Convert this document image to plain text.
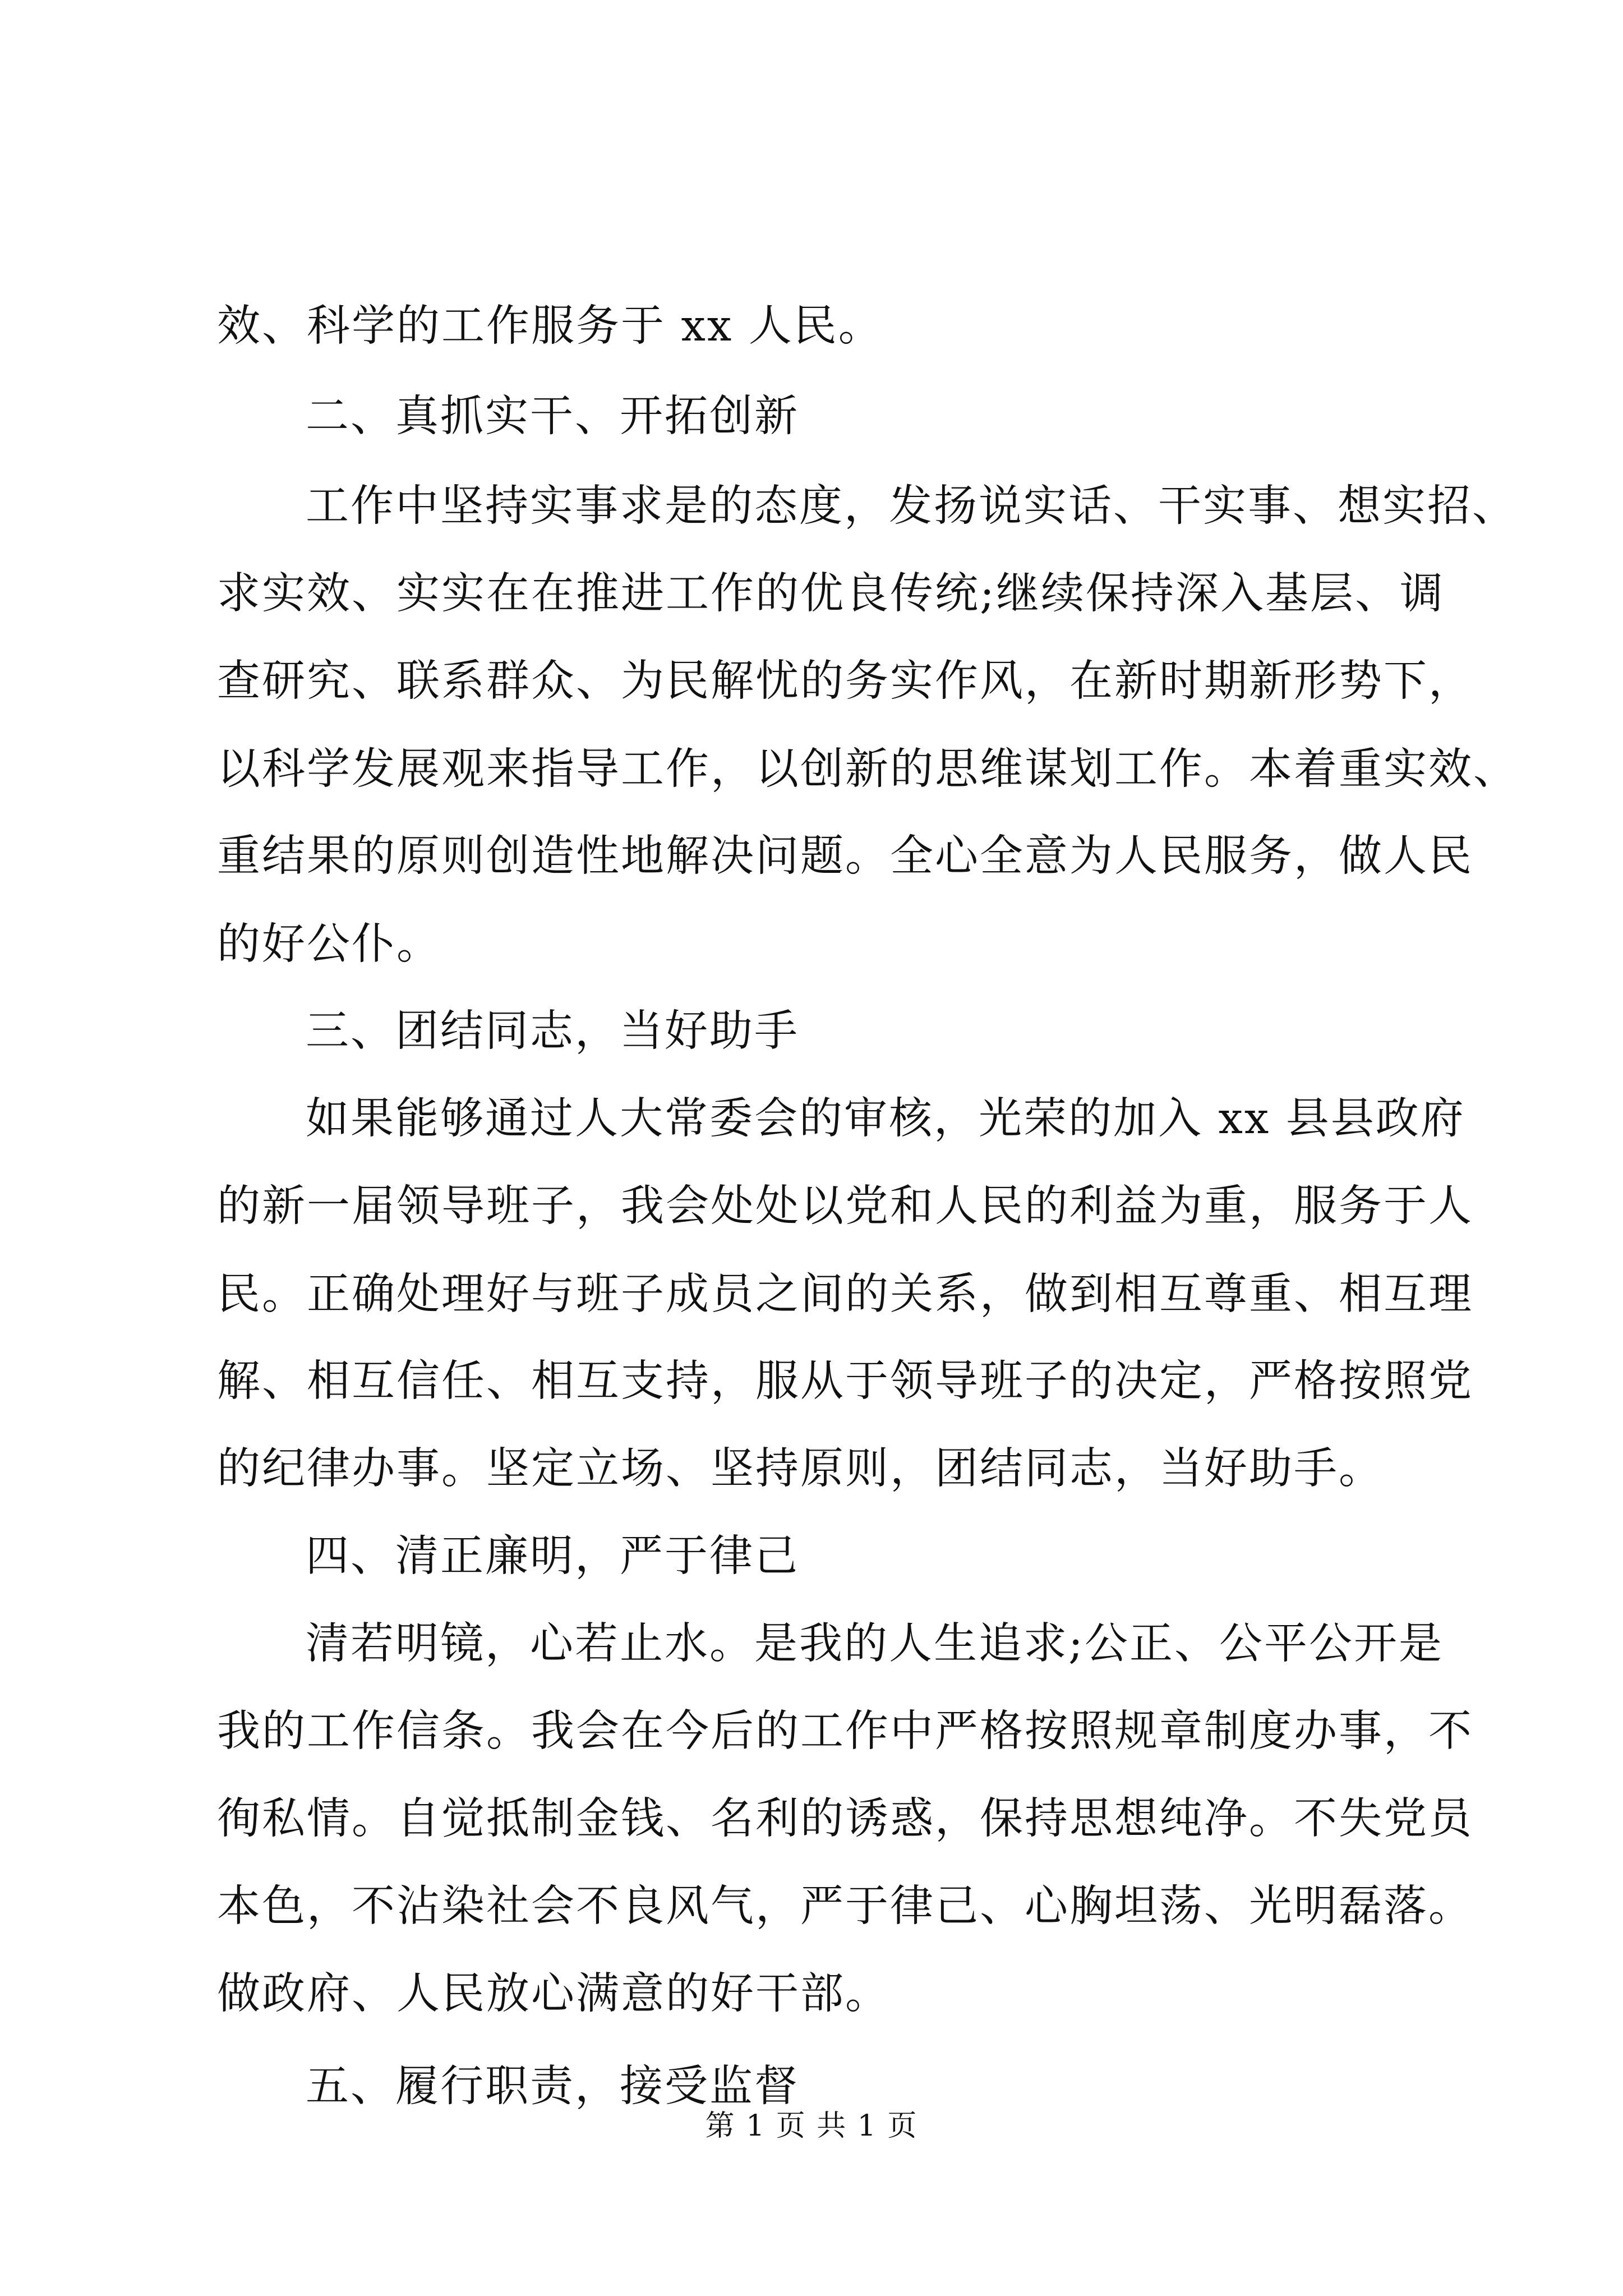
效、科学的工作服务于 xx 人民。
二、真抓实干、开拓创新
工作中坚持实事求是的态度，发扬说实话、干实事、想实招、
求实效、实实在在推进工作的优良传统;继续保持深入基层、调
查研究、联系群众、为民解忧的务实作风，在新时期新形势下，
以科学发展观来指导工作，以创新的思维谋划工作。本着重实效、
重结果的原则创造性地解决问题。全心全意为人民服务，做人民
的好公仆。
三、团结同志，当好助手
如果能够通过人大常委会的审核，光荣的加入 xx 县县政府
的新一届领导班子，我会处处以党和人民的利益为重，服务于人
民。正确处理好与班子成员之间的关系，做到相互尊重、相互理
解、相互信任、相互支持，服从于领导班子的决定，严格按照党
的纪律办事。坚定立场、坚持原则，团结同志，当好助手。
四、清正廉明，严于律己
清若明镜，心若止水。是我的人生追求;公正、公平公开是
我的工作信条。我会在今后的工作中严格按照规章制度办事，不
徇私情。自觉抵制金钱、名利的诱惑，保持思想纯净。不失党员
本色，不沾染社会不良风气，严于律己、心胸坦荡、光明磊落。
做政府、人民放心满意的好干部。
五、履行职责，接受监督
第 1 页 共 1 页
